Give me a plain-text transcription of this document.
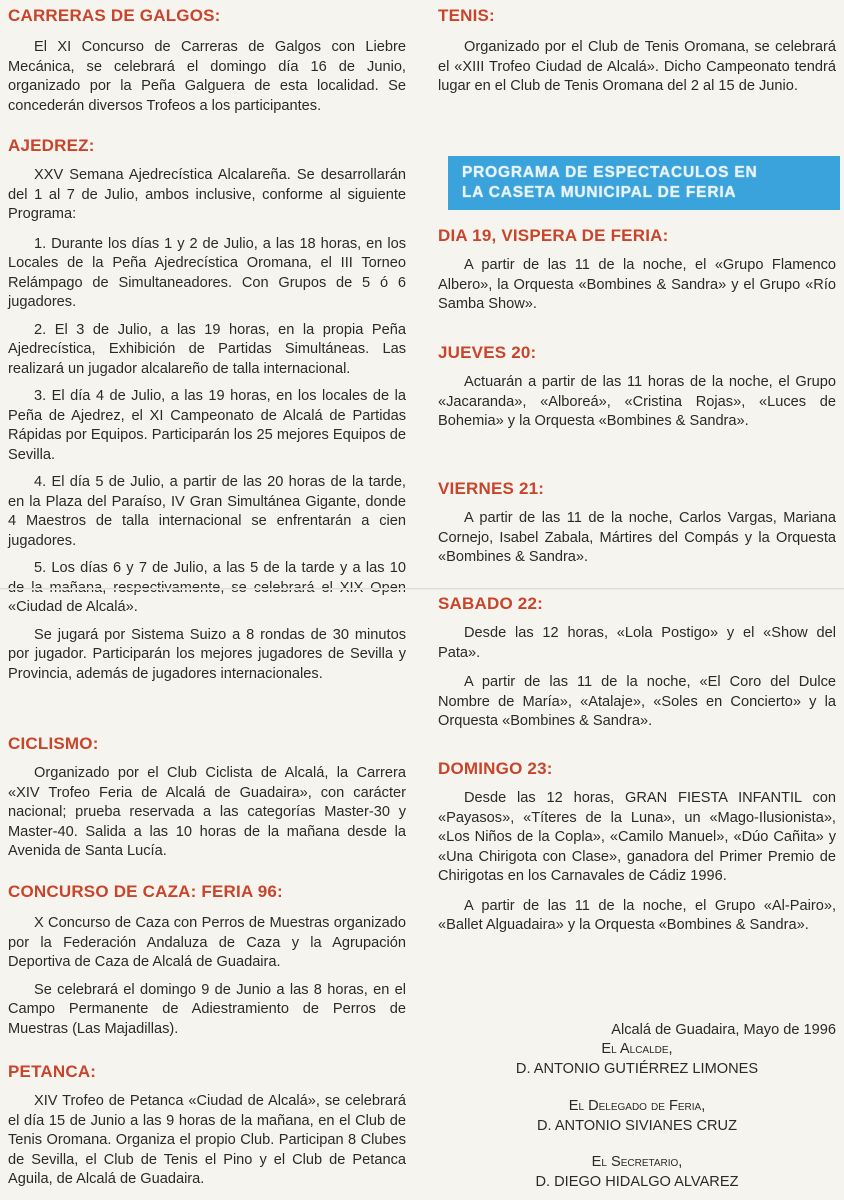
CARRERAS DE GALGOS:

El XI Concurso de Carreras de Galgos con Liebre Mecánica, se celebrará el domingo día 16 de Junio, organizado por la Peña Galguera de esta localidad. Se concederán diversos Trofeos a los participantes.

AJEDREZ:

XXV Semana Ajedrecística Alcalareña. Se desarrollarán del 1 al 7 de Julio, ambos inclusive, conforme al siguiente Programa:

1. Durante los días 1 y 2 de Julio, a las 18 horas, en los Locales de la Peña Ajedrecística Oromana, el III Torneo Relámpago de Simultaneadores. Con Grupos de 5 ó 6 jugadores.

2. El 3 de Julio, a las 19 horas, en la propia Peña Ajedrecística, Exhibición de Partidas Simultáneas. Las realizará un jugador alcalareño de talla internacional.

3. El día 4 de Julio, a las 19 horas, en los locales de la Peña de Ajedrez, el XI Campeonato de Alcalá de Partidas Rápidas por Equipos. Participarán los 25 mejores Equipos de Sevilla.

4. El día 5 de Julio, a partir de las 20 horas de la tarde, en la Plaza del Paraíso, IV Gran Simultánea Gigante, donde 4 Maestros de talla internacional se enfrentarán a cien jugadores.

5. Los días 6 y 7 de Julio, a las 5 de la tarde y a las 10 «Ciudad de Alcalá».

Se jugará por Sistema Suizo a 8 rondas de 30 minutos por jugador. Participarán los mejores jugadores de Sevilla y Provincia, además de jugadores internacionales.

CICLISMO:

Organizado por el Club Ciclista de Alcalá, la Carrera «XIV Trofeo Feria de Alcalá de Guadaira», con carácter nacional; prueba reservada a las categorías Master-30 y Master-40. Salida a las 10 horas de la mañana desde la Avenida de Santa Lucía.

CONCURSO DE CAZA: FERIA 96:

X Concurso de Caza con Perros de Muestras organizado por la Federación Andaluza de Caza y la Agrupación Deportiva de Caza de Alcalá de Guadaira.

Se celebrará el domingo 9 de Junio a las 8 horas, en el Campo Permanente de Adiestramiento de Perros de Muestras (Las Majadillas).

PETANCA:

XIV Trofeo de Petanca «Ciudad de Alcalá», se celebrará el día 15 de Junio a las 9 horas de la mañana, en el Club de Tenis Oromana. Organiza el propio Club. Participan 8 Clubes de Sevilla, el Club de Tenis el Pino y el Club de Petanca Aguila, de Alcalá de Guadaira.

TENIS:

Organizado por el Club de Tenis Oromana, se celebrará el «XIII Trofeo Ciudad de Alcalá». Dicho Campeonato tendrá lugar en el Club de Tenis Oromana del 2 al 15 de Junio.

PROGRAMA DE ESPECTACULOS EN
LA CASETA MUNICIPAL DE FERIA
DIA 19, VISPERA DE FERIA:

A partir de las 11 de la noche, el «Grupo Flamenco Albero», la Orquesta «Bombines & Sandra» y el Grupo «Río Samba Show».

JUEVES 20:

Actuarán a partir de las 11 horas de la noche, el Grupo «Jacaranda», «Alboreá», «Cristina Rojas», «Luces de Bohemia» y la Orquesta «Bombines & Sandra».

VIERNES 21:

A partir de las 11 de la noche, Carlos Vargas, Mariana Cornejo, Isabel Zabala, Mártires del Compás y la Orquesta «Bombines & Sandra».

SABADO 22:

Desde las 12 horas, «Lola Postigo» y el «Show del Pata».

A partir de las 11 de la noche, «El Coro del Dulce Nombre de María», «Atalaje», «Soles en Concierto» y la Orquesta «Bombines & Sandra».

DOMINGO 23:

Desde las 12 horas, GRAN FIESTA INFANTIL con «Payasos», «Títeres de la Luna», un «Mago-Ilusionista», «Los Niños de la Copla», «Camilo Manuel», «Dúo Cañita» y «Una Chirigota con Clase», ganadora del Primer Premio de Chirigotas en los Carnavales de Cádiz 1996.

A partir de las 11 de la noche, el Grupo «Al-Pairo», «Ballet Alguadaira» y la Orquesta «Bombines & Sandra».

Alcalá de Guadaira, Mayo de 1996
El Alcalde,
D. ANTONIO GUTIÉRREZ LIMONES
El Delegado de Feria,
D. ANTONIO SIVIANES CRUZ
El Secretario,
D. DIEGO HIDALGO ALVAREZ
